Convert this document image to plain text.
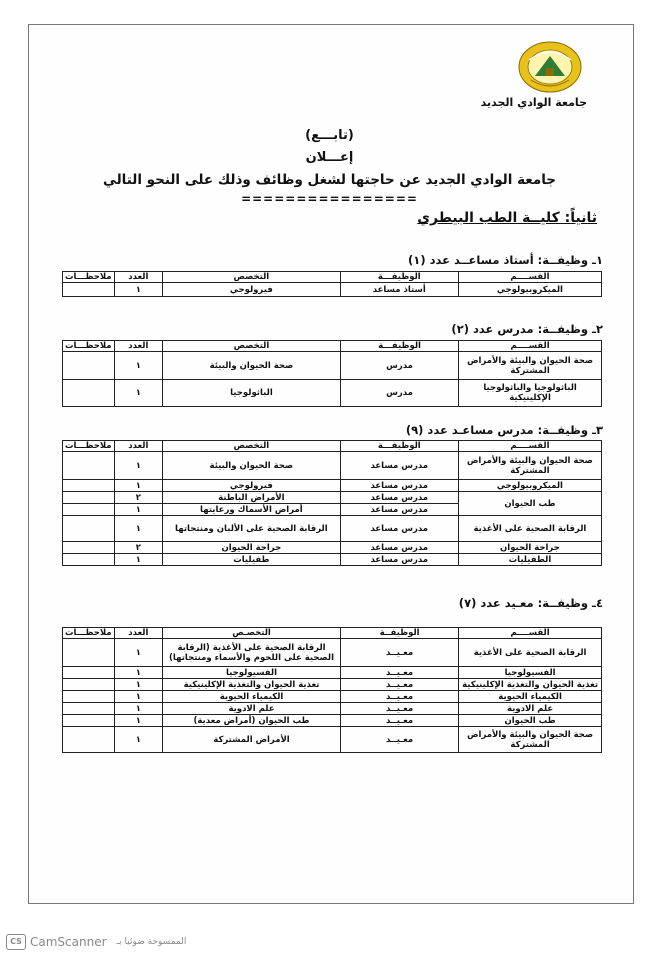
جامعة الوادي الجديد
(تابـــع)
إعـــلان
جامعة الوادي الجديد عن حاجتها لشغل وظائف وذلك على النحو التالي
================
ثانياً: كليــة الطب البيطري
١ـ وظيفــة: أستاذ مساعــد عدد (١)
القســــم	الوظيفـــة	التخصص	العدد	ملاحظـــات
الميكروبيولوجي	أستاذ مساعد	فيرولوجي	١	
٢ـ وظيفــة: مدرس عدد (٢)
القســــم	الوظيفـــة	التخصص	العدد	ملاحظـــات
صحة الحيوان والبيئة والأمراض المشتركة	مدرس	صحة الحيوان والبيئة	١	
الباثولوجيا والباثولوجيا الإكلينيكية	مدرس	الباثولوجيا	١	
٣ـ وظيفــة: مدرس مساعـد عدد (٩)
القســــم	الوظيفـــة	التخصص	العدد	ملاحظـــات
صحة الحيوان والبيئة والأمراض المشتركة	مدرس مساعد	صحة الحيوان والبيئة	١	
الميكروبيولوجي	مدرس مساعد	فيرولوجي	١	
طب الحيوان	مدرس مساعد	الأمراض الباطنة	٢	
	مدرس مساعد	أمراض الأسماك ورعايتها	١	
الرقابة الصحية على الأغذية	مدرس مساعد	الرقابة الصحية على الألبان ومنتجاتها	١	
جراحة الحيوان	مدرس مساعد	جراحة الحيوان	٢	
الطفيليات	مدرس مساعد	طفيليات	١	
٤ـ وظيفــة: معـيد عدد (٧)
القســــم	الوظيفــة	التخصـص	العدد	ملاحظـــات
الرقابة الصحية على الأغذية	معـيــد	الرقابة الصحية على الأغذية (الرقابة الصحية على اللحوم والأسماء ومنتجاتها)	١	
الفسيولوجيا	معـيــد	الفسيولوجيا	١	
تغذية الحيوان والتغذية الإكلينيكية	معـيــد	تغذية الحيوان والتغذية الإكلينيكية	١	
الكيمياء الحيوية	معـيــد	الكيمياء الحيوية	١	
علم الادوية	معـيــد	علم الادوية	١	
طب الحيوان	معـيــد	طب الحيوان (أمراض معدية)	١	
صحة الحيوان والبيئة والأمراض المشتركة	معـيــد	الأمراض المشتركة	١	
CS CamScanner الممسوحة ضوئيا بـ
